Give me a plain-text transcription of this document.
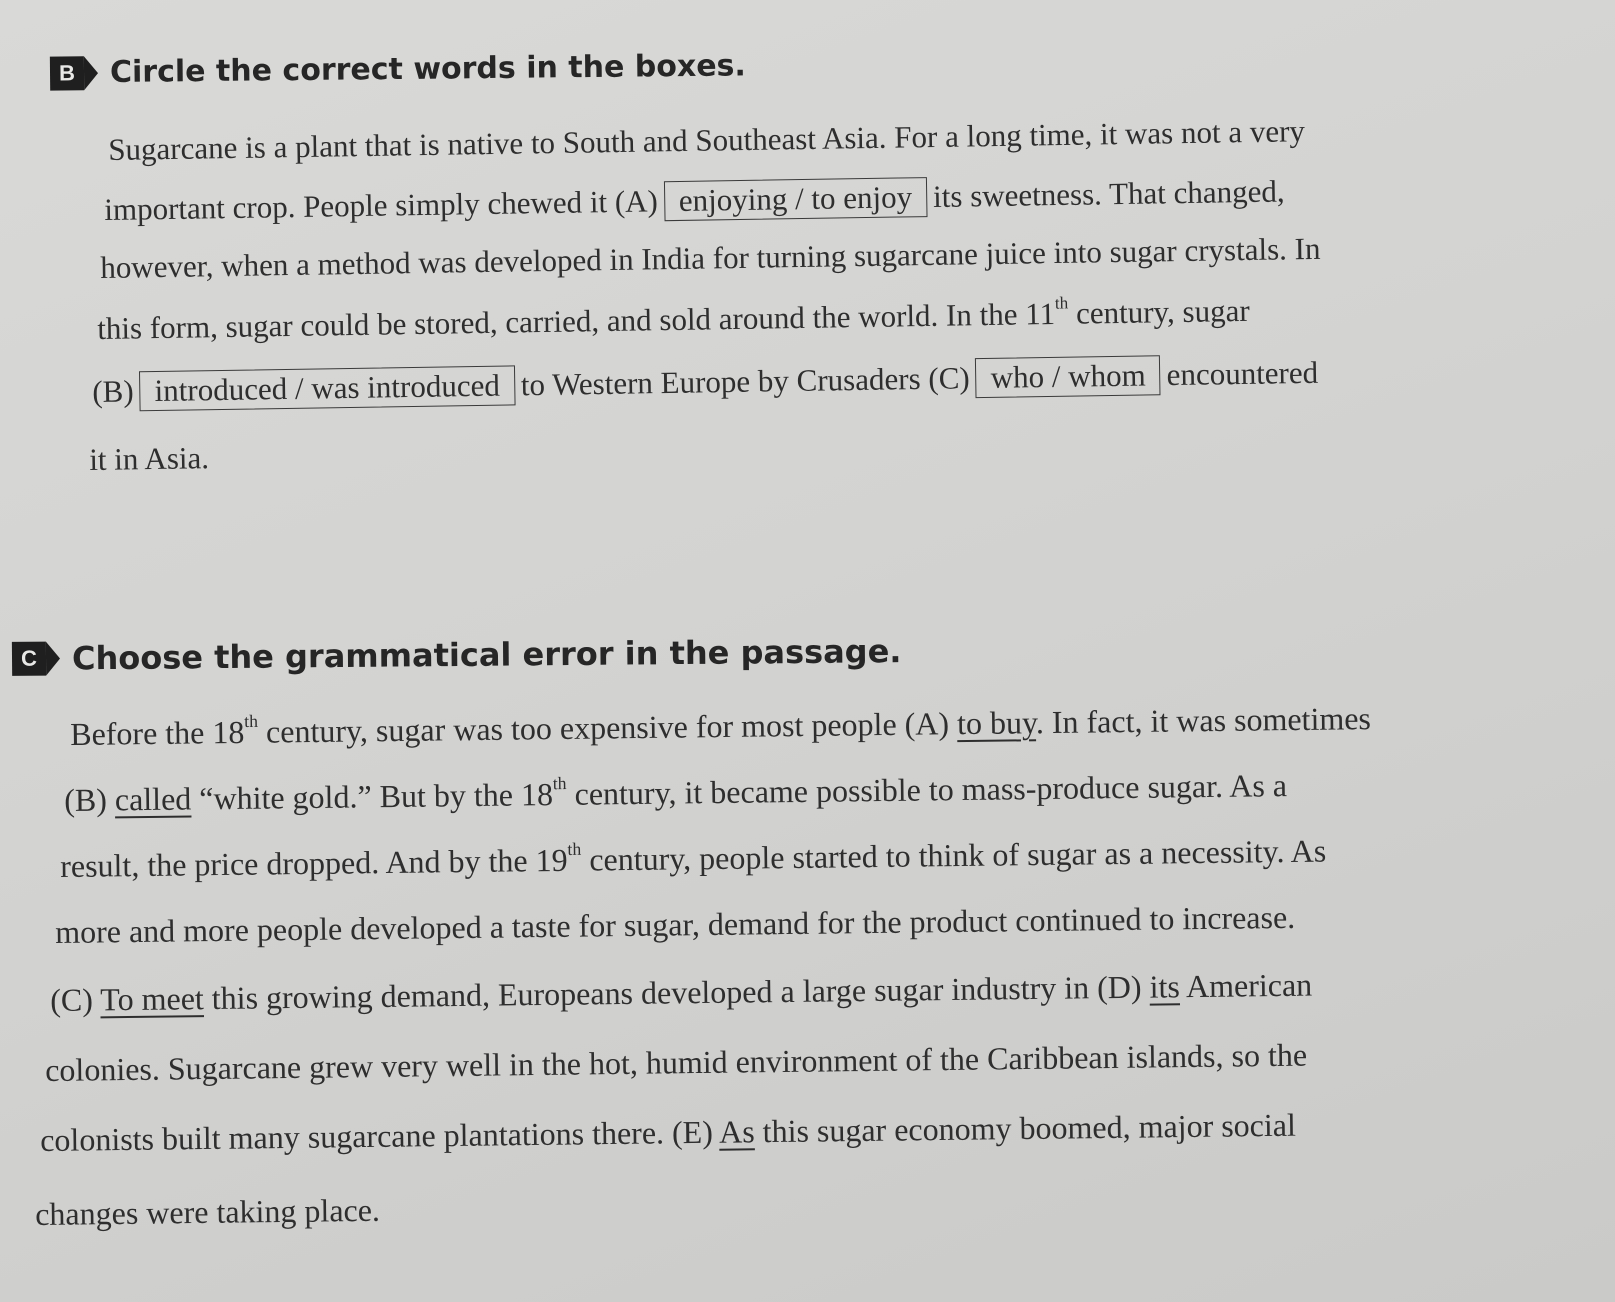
B Circle the correct words in the boxes.
Sugarcane is a plant that is native to South and Southeast Asia. For a long time, it was not a very
important crop. People simply chewed it (A) enjoying / to enjoy its sweetness. That changed,
however, when a method was developed in India for turning sugarcane juice into sugar crystals. In
this form, sugar could be stored, carried, and sold around the world. In the 11th century, sugar
(B) introduced / was introduced to Western Europe by Crusaders (C) who / whom encountered
it in Asia.
C Choose the grammatical error in the passage.
Before the 18th century, sugar was too expensive for most people (A) to buy. In fact, it was sometimes
(B) called “white gold.” But by the 18th century, it became possible to mass-produce sugar. As a
result, the price dropped. And by the 19th century, people started to think of sugar as a necessity. As
more and more people developed a taste for sugar, demand for the product continued to increase.
(C) To meet this growing demand, Europeans developed a large sugar industry in (D) its American
colonies. Sugarcane grew very well in the hot, humid environment of the Caribbean islands, so the
colonists built many sugarcane plantations there. (E) As this sugar economy boomed, major social
changes were taking place.
